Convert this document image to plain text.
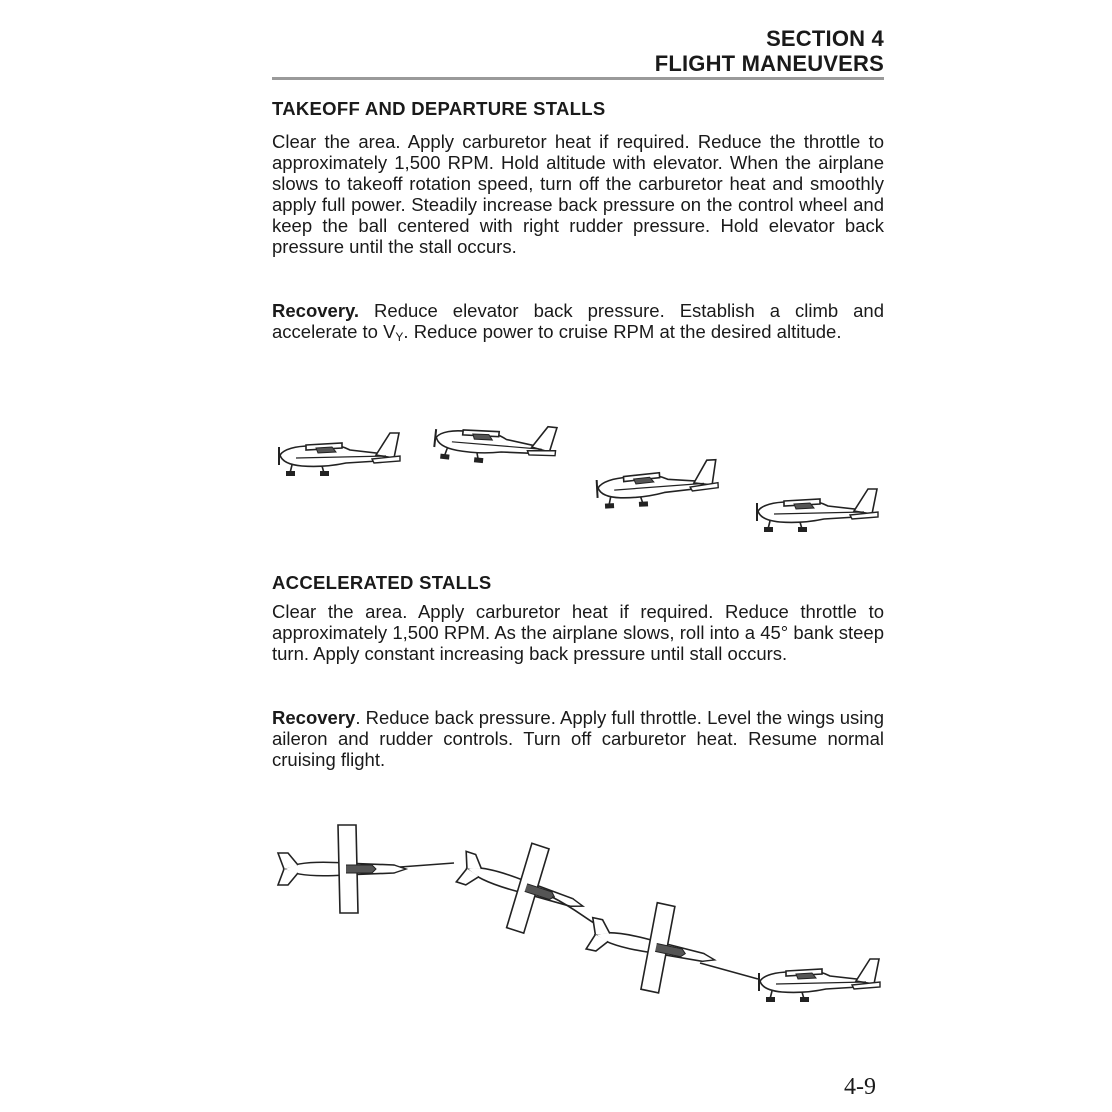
SECTION 4
FLIGHT MANEUVERS
TAKEOFF AND DEPARTURE STALLS

Clear the area. Apply carburetor heat if required. Reduce the throttle to approximately 1,500 RPM. Hold altitude with elevator. When the airplane slows to takeoff rotation speed, turn off the carburetor heat and smoothly apply full power. Steadily increase back pressure on the control wheel and keep the ball centered with right rudder pressure. Hold elevator back pressure until the stall occurs.

Recovery. Reduce elevator back pressure. Establish a climb and accelerate to $V_Y$. Reduce power to cruise RPM at the desired altitude.

ACCELERATED STALLS

Clear the area. Apply carburetor heat if required. Reduce throttle to approximately 1,500 RPM. As the airplane slows, roll into a 45° bank steep turn. Apply constant increasing back pressure until stall occurs.

Recovery. Reduce back pressure. Apply full throttle. Level the wings using aileron and rudder controls. Turn off carburetor heat. Resume normal cruising flight.

4-9
